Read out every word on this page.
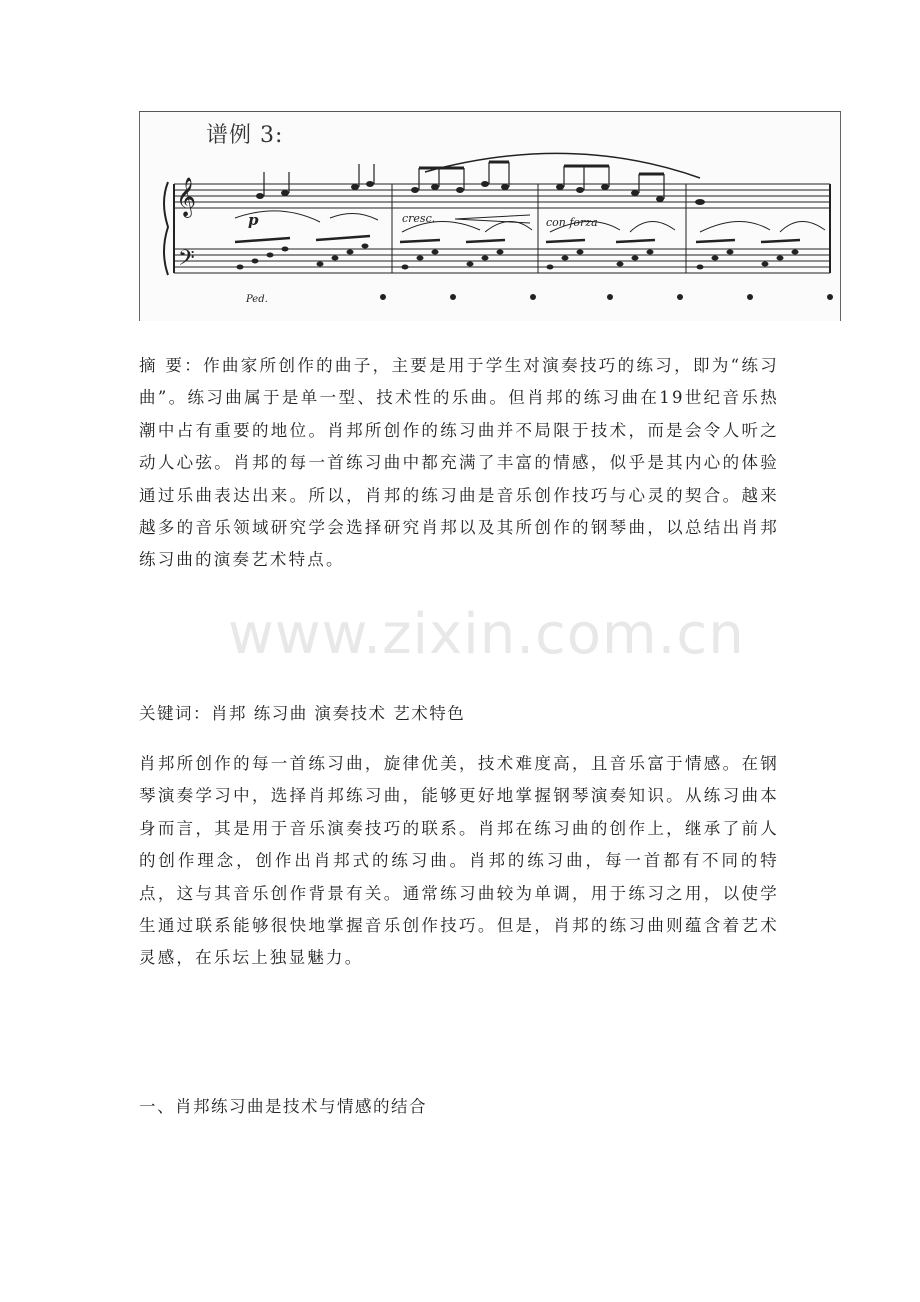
谱例 3:
𝄞
𝄢
p	cresc.	con forza
Ped.

摘 要：作曲家所创作的曲子，主要是用于学生对演奏技巧的练习，即为“练习曲”。练习曲属于是单一型、技术性的乐曲。但肖邦的练习曲在19世纪音乐热潮中占有重要的地位。肖邦所创作的练习曲并不局限于技术，而是会令人听之动人心弦。肖邦的每一首练习曲中都充满了丰富的情感，似乎是其内心的体验通过乐曲表达出来。所以，肖邦的练习曲是音乐创作技巧与心灵的契合。越来越多的音乐领域研究学会选择研究肖邦以及其所创作的钢琴曲，以总结出肖邦练习曲的演奏艺术特点。

关键词：肖邦 练习曲 演奏技术 艺术特色

肖邦所创作的每一首练习曲，旋律优美，技术难度高，且音乐富于情感。在钢琴演奏学习中，选择肖邦练习曲，能够更好地掌握钢琴演奏知识。从练习曲本身而言，其是用于音乐演奏技巧的联系。肖邦在练习曲的创作上，继承了前人的创作理念，创作出肖邦式的练习曲。肖邦的练习曲，每一首都有不同的特点，这与其音乐创作背景有关。通常练习曲较为单调，用于练习之用，以使学生通过联系能够很快地掌握音乐创作技巧。但是，肖邦的练习曲则蕴含着艺术灵感，在乐坛上独显魅力。

一、肖邦练习曲是技术与情感的结合

www.zixin.com.cn
